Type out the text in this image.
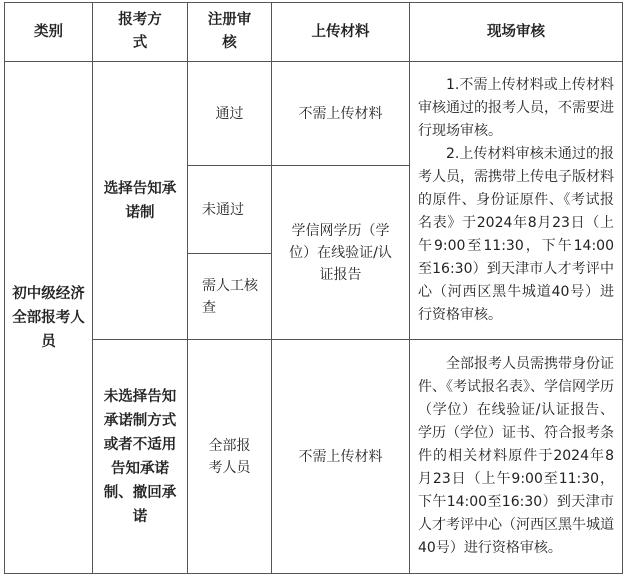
类别	报考方式	注册审核	上传材料	现场审核
初中级经济全部报考人员	选择告知承诺制	通过	不需上传材料	1.不需上传材料或上传材料审核通过的报考人员，不需要进行现场审核。

2.上传材料审核未通过的报考人员，需携带上传电子版材料的原件、身份证原件、《考试报名表》于2024年8月23日（上午9:00至11:30，下午14:00至16:30）到天津市人才考评中心（河西区黑牛城道40号）进行资格审核。

		未通过	学信网学历（学位）在线验证/认证报告	
		需人工核查		
	未选择告知承诺制方式或者不适用告知承诺制、撤回承诺	全部报考人员	不需上传材料	全部报考人员需携带身份证件、《考试报名表》、学信网学历（学位）在线验证/认证报告、学历（学位）证书、符合报考条件的相关材料原件于2024年8月23日（上午9:00至11:30，下午14:00至16:30）到天津市人才考评中心（河西区黑牛城道40号）进行资格审核。
